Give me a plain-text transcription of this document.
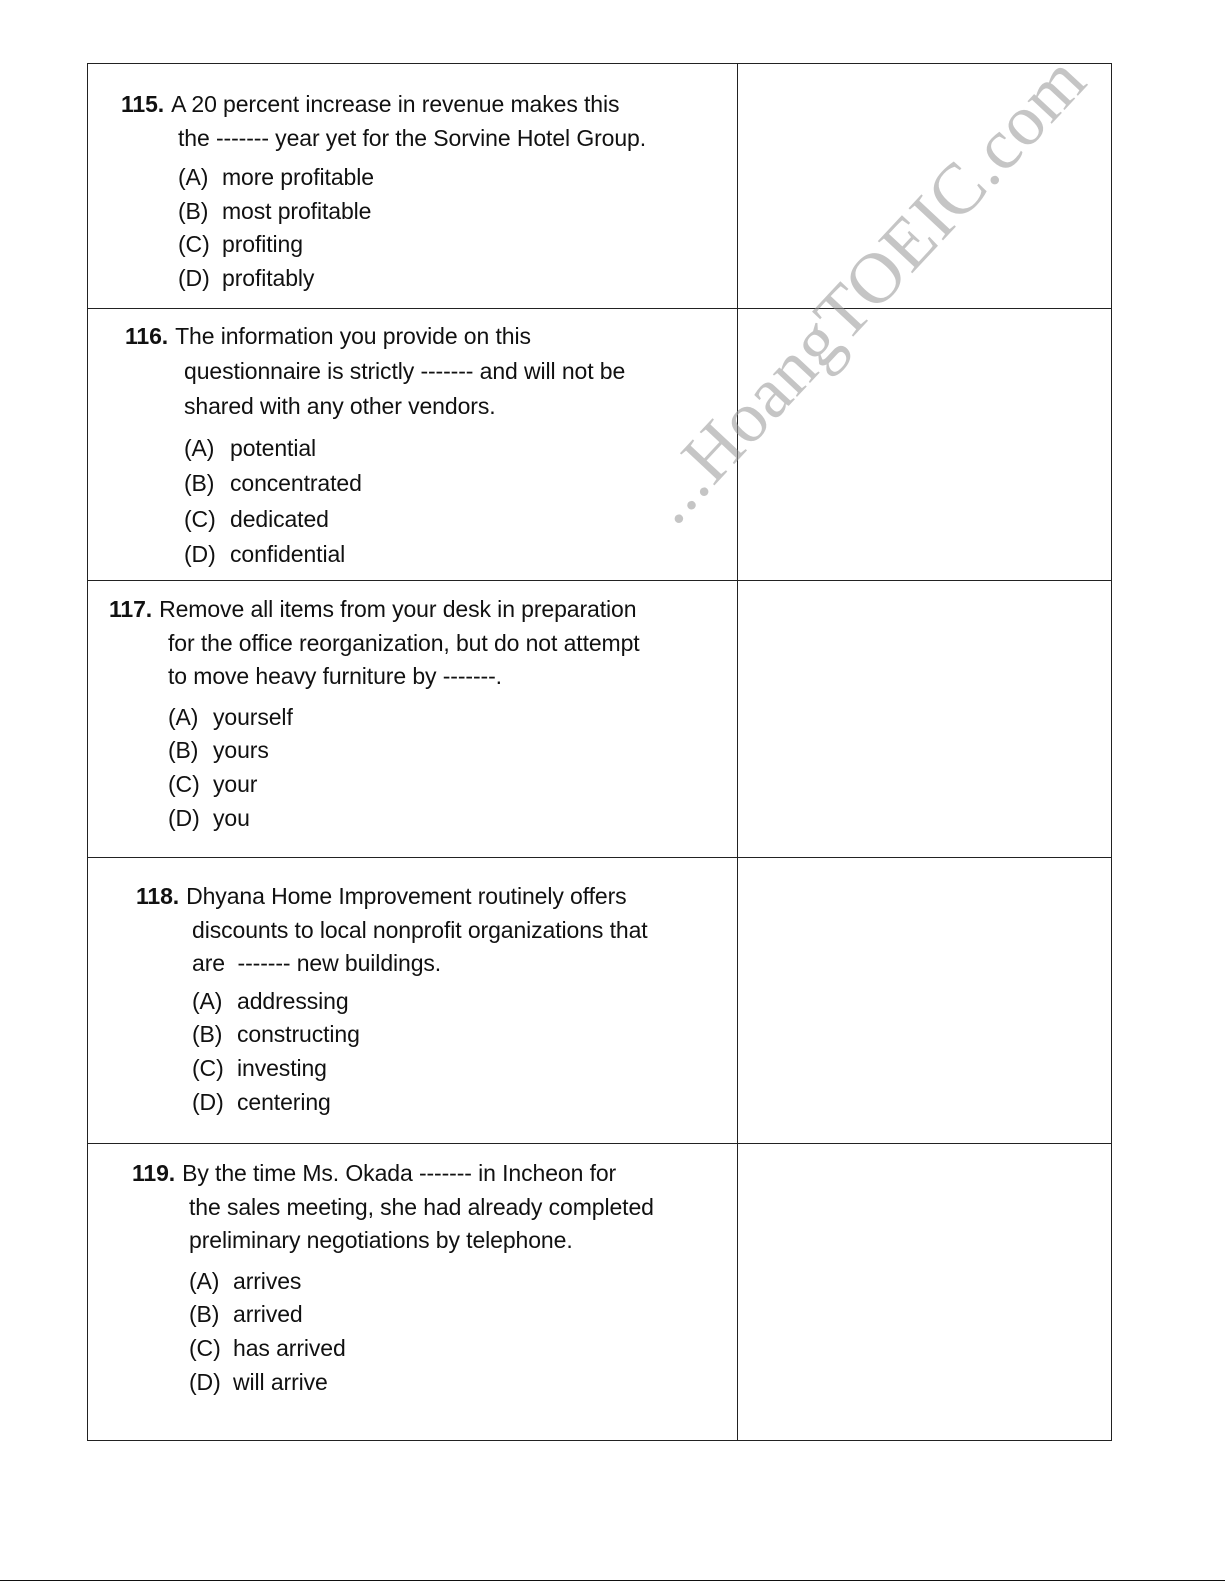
115. A 20 percent increase in revenue makes this
the ------- year yet for the Sorvine Hotel Group.
(A) more profitable
(B) most profitable
(C) profiting
(D) profitably
116. The information you provide on this
questionnaire is strictly ------- and will not be
shared with any other vendors.
(A) potential
(B) concentrated
(C) dedicated
(D) confidential
117. Remove all items from your desk in preparation
for the office reorganization, but do not attempt
to move heavy furniture by -------.
(A) yourself
(B) yours
(C) your
(D) you
118. Dhyana Home Improvement routinely offers
discounts to local nonprofit organizations that
are  ------- new buildings.
(A) addressing
(B) constructing
(C) investing
(D) centering
119. By the time Ms. Okada ------- in Incheon for
the sales meeting, she had already completed
preliminary negotiations by telephone.
(A) arrives
(B) arrived
(C) has arrived
(D) will arrive
...HoangTOEIC.com
